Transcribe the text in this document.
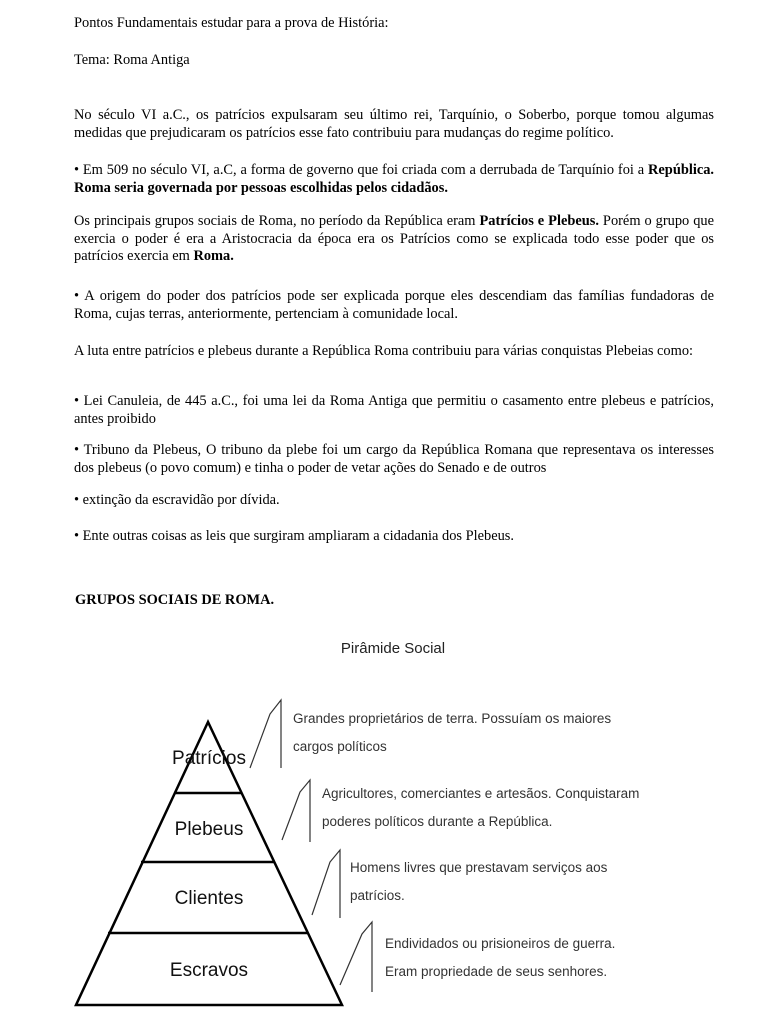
Pontos Fundamentais estudar para a prova de História:

Tema: Roma Antiga

No século VI a.C., os patrícios expulsaram seu último rei, Tarquínio, o Soberbo, porque tomou algumas medidas que prejudicaram os patrícios esse fato contribuiu para mudanças do regime político.

• Em 509 no século VI, a.C, a forma de governo que foi criada com a derrubada de Tarquínio foi a República. Roma seria governada por pessoas escolhidas pelos cidadãos.

Os principais grupos sociais de Roma, no período da República eram Patrícios e Plebeus. Porém o grupo que exercia o poder é era a Aristocracia da época era os Patrícios como se explicada todo esse poder que os patrícios exercia em Roma.

• A origem do poder dos patrícios pode ser explicada porque eles descendiam das famílias fundadoras de Roma, cujas terras, anteriormente, pertenciam à comunidade local.

A luta entre patrícios e plebeus durante a República Roma contribuiu para várias conquistas Plebeias como:

• Lei Canuleia, de 445 a.C., foi uma lei da Roma Antiga que permitiu o casamento entre plebeus e patrícios, antes proibido

• Tribuno da Plebeus, O tribuno da plebe foi um cargo da República Romana que representava os interesses dos plebeus (o povo comum) e tinha o poder de vetar ações do Senado e de outros

• extinção da escravidão por dívida.

• Ente outras coisas as leis que surgiram ampliaram a cidadania dos Plebeus.

GRUPOS SOCIAIS DE ROMA.

Pirâmide Social
Patrícios
Plebeus
Clientes
Escravos
Grandes proprietários de terra. Possuíam os maiores
cargos políticos
Agricultores, comerciantes e artesãos. Conquistaram
poderes políticos durante a República.
Homens livres que prestavam serviços aos
patrícios.
Endividados ou prisioneiros de guerra.
Eram propriedade de seus senhores.
